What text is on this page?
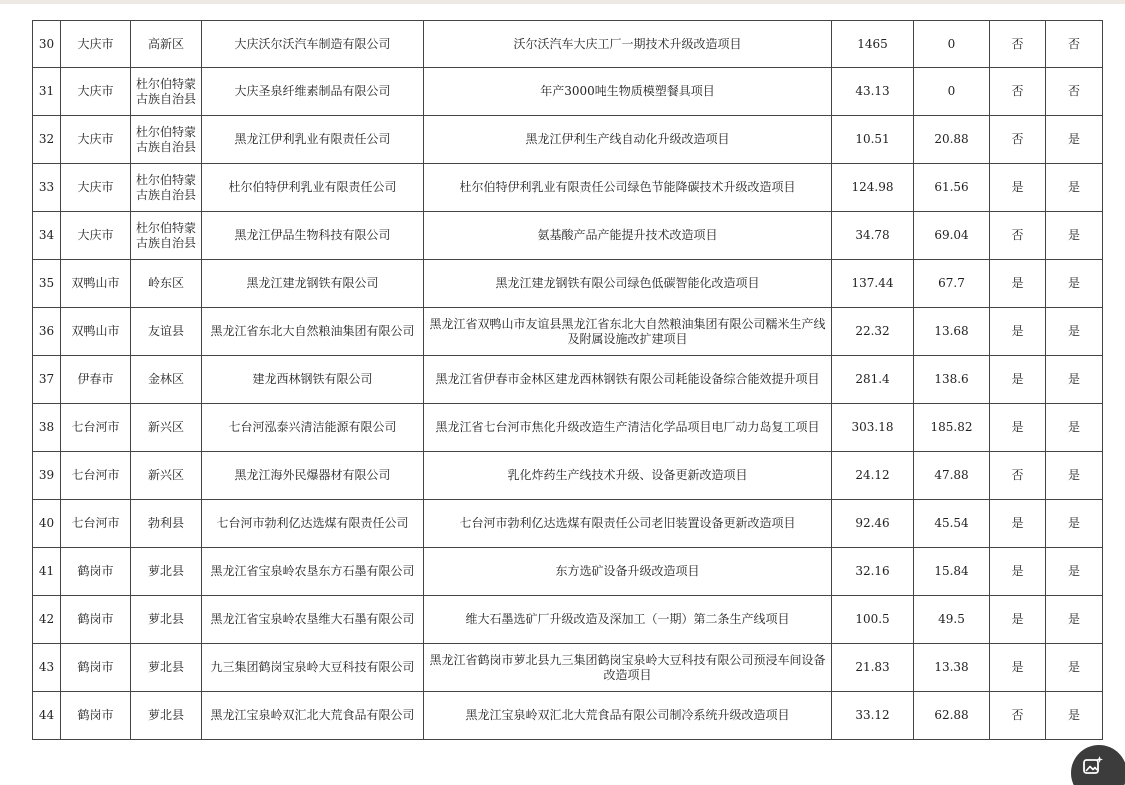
30	大庆市	高新区	大庆沃尔沃汽车制造有限公司	沃尔沃汽车大庆工厂一期技术升级改造项目	1465	0	否	否
31	大庆市	杜尔伯特蒙古族自治县	大庆圣泉纤维素制品有限公司	年产3000吨生物质模塑餐具项目	43.13	0	否	否
32	大庆市	杜尔伯特蒙古族自治县	黑龙江伊利乳业有限责任公司	黑龙江伊利生产线自动化升级改造项目	10.51	20.88	否	是
33	大庆市	杜尔伯特蒙古族自治县	杜尔伯特伊利乳业有限责任公司	杜尔伯特伊利乳业有限责任公司绿色节能降碳技术升级改造项目	124.98	61.56	是	是
34	大庆市	杜尔伯特蒙古族自治县	黑龙江伊品生物科技有限公司	氨基酸产品产能提升技术改造项目	34.78	69.04	否	是
35	双鸭山市	岭东区	黑龙江建龙钢铁有限公司	黑龙江建龙钢铁有限公司绿色低碳智能化改造项目	137.44	67.7	是	是
36	双鸭山市	友谊县	黑龙江省东北大自然粮油集团有限公司	黑龙江省双鸭山市友谊县黑龙江省东北大自然粮油集团有限公司糯米生产线及附属设施改扩建项目	22.32	13.68	是	是
37	伊春市	金林区	建龙西林钢铁有限公司	黑龙江省伊春市金林区建龙西林钢铁有限公司耗能设备综合能效提升项目	281.4	138.6	是	是
38	七台河市	新兴区	七台河泓泰兴清洁能源有限公司	黑龙江省七台河市焦化升级改造生产清洁化学品项目电厂动力岛复工项目	303.18	185.82	是	是
39	七台河市	新兴区	黑龙江海外民爆器材有限公司	乳化炸药生产线技术升级、设备更新改造项目	24.12	47.88	否	是
40	七台河市	勃利县	七台河市勃利亿达选煤有限责任公司	七台河市勃利亿达选煤有限责任公司老旧装置设备更新改造项目	92.46	45.54	是	是
41	鹤岗市	萝北县	黑龙江省宝泉岭农垦东方石墨有限公司	东方选矿设备升级改造项目	32.16	15.84	是	是
42	鹤岗市	萝北县	黑龙江省宝泉岭农垦维大石墨有限公司	维大石墨选矿厂升级改造及深加工（一期）第二条生产线项目	100.5	49.5	是	是
43	鹤岗市	萝北县	九三集团鹤岗宝泉岭大豆科技有限公司	黑龙江省鹤岗市萝北县九三集团鹤岗宝泉岭大豆科技有限公司预浸车间设备改造项目	21.83	13.38	是	是
44	鹤岗市	萝北县	黑龙江宝泉岭双汇北大荒食品有限公司	黑龙江宝泉岭双汇北大荒食品有限公司制冷系统升级改造项目	33.12	62.88	否	是
